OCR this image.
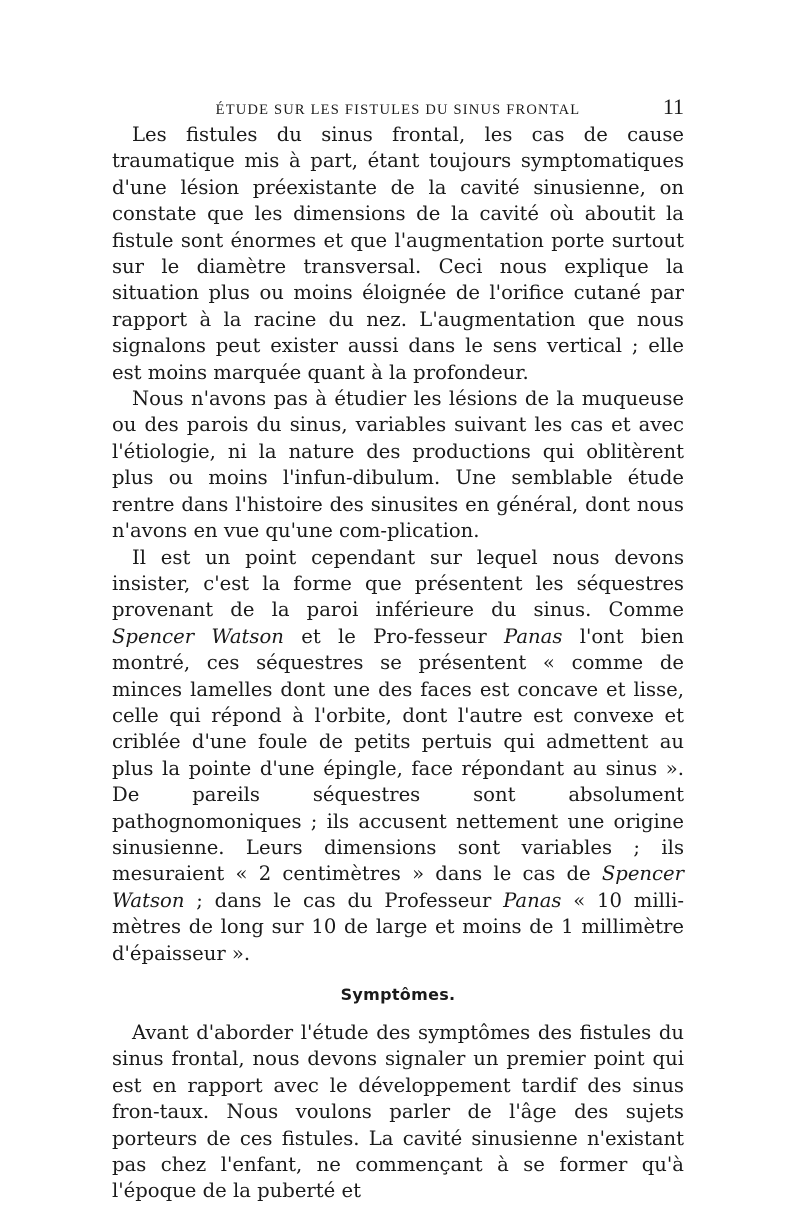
ÉTUDE SUR LES FISTULES DU SINUS FRONTAL	11

Les fistules du sinus frontal, les cas de cause traumatique mis à part, étant toujours symptomatiques d'une lésion préexistante de la cavité sinusienne, on constate que les dimensions de la cavité où aboutit la fistule sont énormes et que l'augmentation porte surtout sur le diamètre transversal. Ceci nous explique la situation plus ou moins éloignée de l'orifice cutané par rapport à la racine du nez. L'augmentation que nous signalons peut exister aussi dans le sens vertical ; elle est moins marquée quant à la profondeur.

Nous n'avons pas à étudier les lésions de la muqueuse ou des parois du sinus, variables suivant les cas et avec l'étiologie, ni la nature des productions qui oblitèrent plus ou moins l'infun-dibulum. Une semblable étude rentre dans l'histoire des sinusites en général, dont nous n'avons en vue qu'une com-plication.

Il est un point cependant sur lequel nous devons insister, c'est la forme que présentent les séquestres provenant de la paroi inférieure du sinus. Comme Spencer Watson et le Pro-fesseur Panas l'ont bien montré, ces séquestres se présentent « comme de minces lamelles dont une des faces est concave et lisse, celle qui répond à l'orbite, dont l'autre est convexe et criblée d'une foule de petits pertuis qui admettent au plus la pointe d'une épingle, face répondant au sinus ». De pareils séquestres sont absolument pathognomoniques ; ils accusent nettement une origine sinusienne. Leurs dimensions sont variables ; ils mesuraient « 2 centimètres » dans le cas de Spencer Watson ; dans le cas du Professeur Panas « 10 milli-mètres de long sur 10 de large et moins de 1 millimètre d'épaisseur ».

Symptômes.

Avant d'aborder l'étude des symptômes des fistules du sinus frontal, nous devons signaler un premier point qui est en rapport avec le développement tardif des sinus fron-taux. Nous voulons parler de l'âge des sujets porteurs de ces fistules. La cavité sinusienne n'existant pas chez l'enfant, ne commençant à se former qu'à l'époque de la puberté et
